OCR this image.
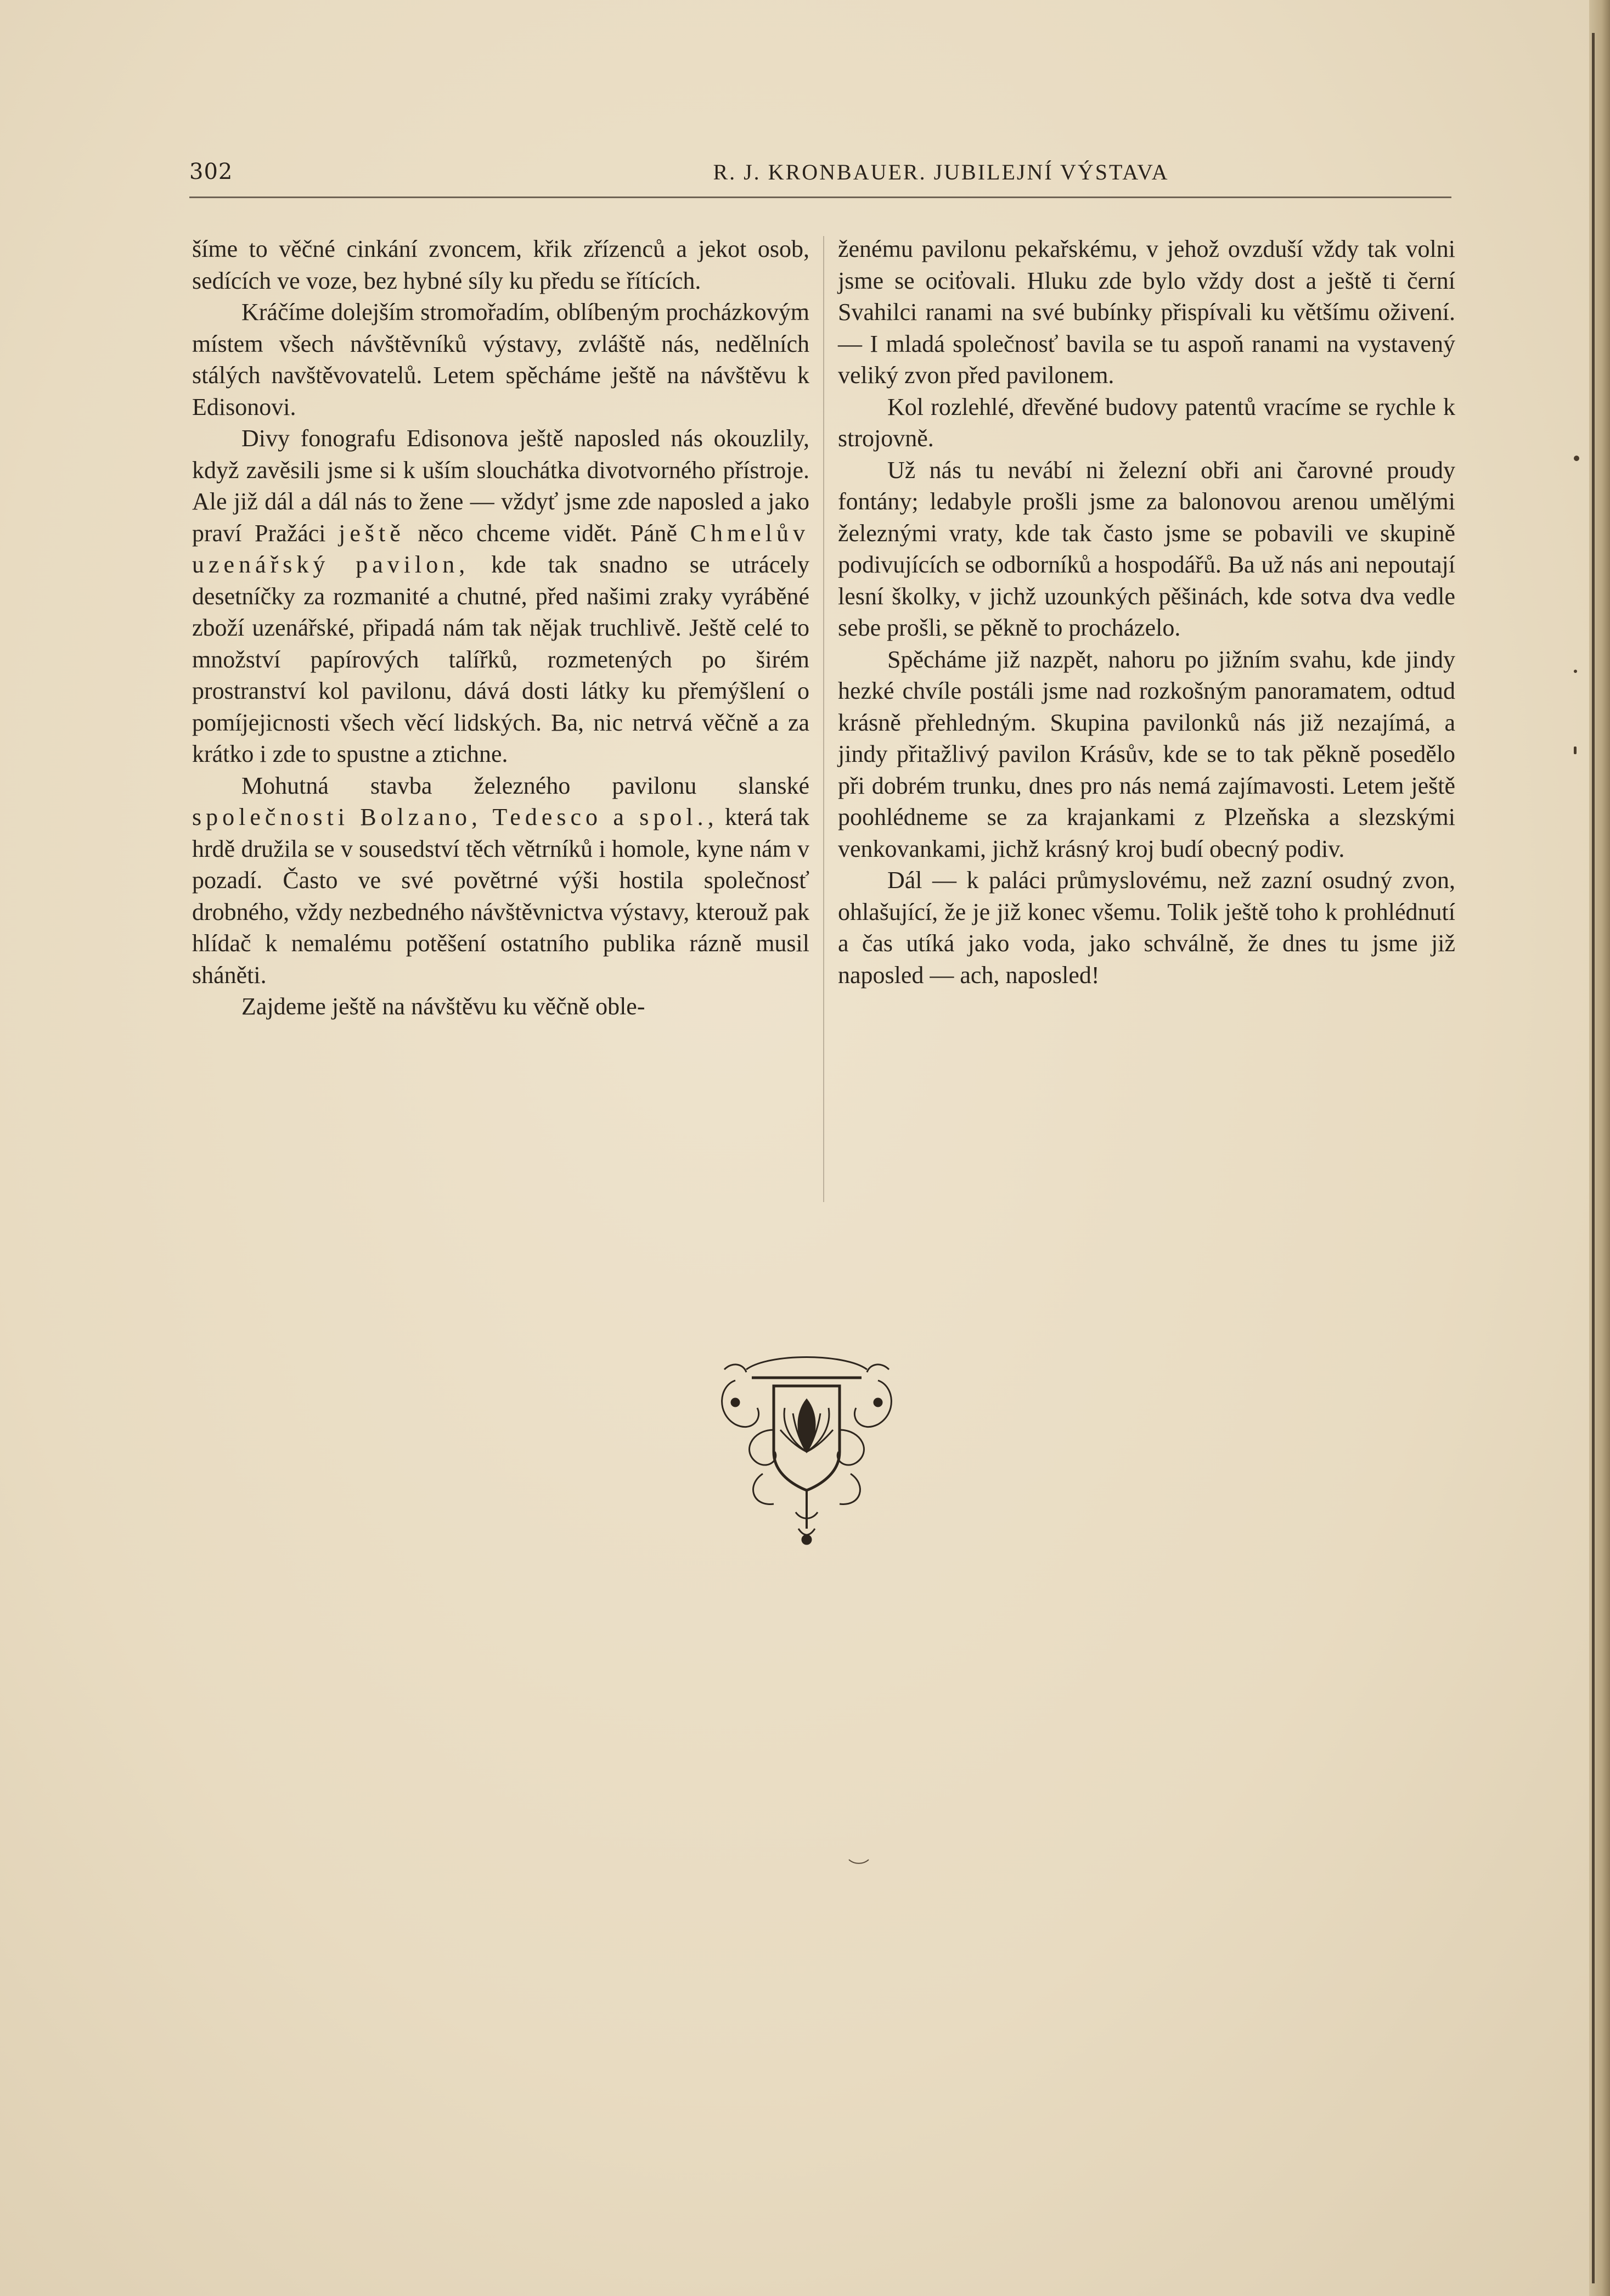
302	R. J. KRONBAUER. JUBILEJNÍ VÝSTAVA

šíme to věčné cinkání zvoncem, křik zřízenců a jekot osob, sedících ve voze, bez hybné síly ku předu se řítících.

Kráčíme dolejším stromořadím, oblíbeným procházkovým místem všech návštěvníků výstavy, zvláště nás, nedělních stálých navštěvovatelů. Letem spěcháme ještě na návštěvu k Edisonovi.

Divy fonografu Edisonova ještě naposled nás okouzlily, když zavěsili jsme si k uším slouchátka divotvorného přístroje. Ale již dál a dál nás to žene — vždyť jsme zde naposled a jako praví Pražáci ještě něco chceme vidět. Páně Chmelův uzenářský pavilon, kde tak snadno se utrácely desetníčky za rozmanité a chutné, před našimi zraky vyráběné zboží uzenářské, připadá nám tak nějak truchlivě. Ještě celé to množství papírových talířků, rozmetených po širém prostranství kol pavilonu, dává dosti látky ku přemýšlení o pomíjejicnosti všech věcí lidských. Ba, nic netrvá věčně a za krátko i zde to spustne a ztichne.

Mohutná stavba železného pavilonu slanské společnosti Bolzano, Tedesco a spol., která tak hrdě družila se v sousedství těch větrníků i homole, kyne nám v pozadí. Často ve své povětrné výši hostila společnosť drobného, vždy nezbedného návštěvnictva výstavy, kterouž pak hlídač k nemalému potěšení ostatního publika rázně musil sháněti.

Zajdeme ještě na návštěvu ku věčně oble-

ženému pavilonu pekařskému, v jehož ovzduší vždy tak volni jsme se ocit̓ovali. Hluku zde bylo vždy dost a ještě ti černí Svahilci ranami na své bubínky přispívali ku většímu oživení. — I mladá společnosť bavila se tu aspoň ranami na vystavený veliký zvon před pavilonem.

Kol rozlehlé, dřevěné budovy patentů vracíme se rychle k strojovně.

Už nás tu nevábí ni železní obři ani čarovné proudy fontány; ledabyle prošli jsme za balonovou arenou umělými železnými vraty, kde tak často jsme se pobavili ve skupině podivujících se odborníků a hospodářů. Ba už nás ani nepoutají lesní školky, v jichž uzounkých pěšinách, kde sotva dva vedle sebe prošli, se pěkně to procházelo.

Spěcháme již nazpět, nahoru po jižním svahu, kde jindy hezké chvíle postáli jsme nad rozkošným panoramatem, odtud krásně přehledným. Skupina pavilonků nás již nezajímá, a jindy přitažlivý pavilon Krásův, kde se to tak pěkně posedělo při dobrém trunku, dnes pro nás nemá zajímavosti. Letem ještě poohlédneme se za krajankami z Plzeňska a slezskými venkovankami, jichž krásný kroj budí obecný podiv.

Dál — k paláci průmyslovému, než zazní osudný zvon, ohlašující, že je již konec všemu. Tolik ještě toho k prohlédnutí a čas utíká jako voda, jako schválně, že dnes tu jsme již naposled — ach, naposled!
